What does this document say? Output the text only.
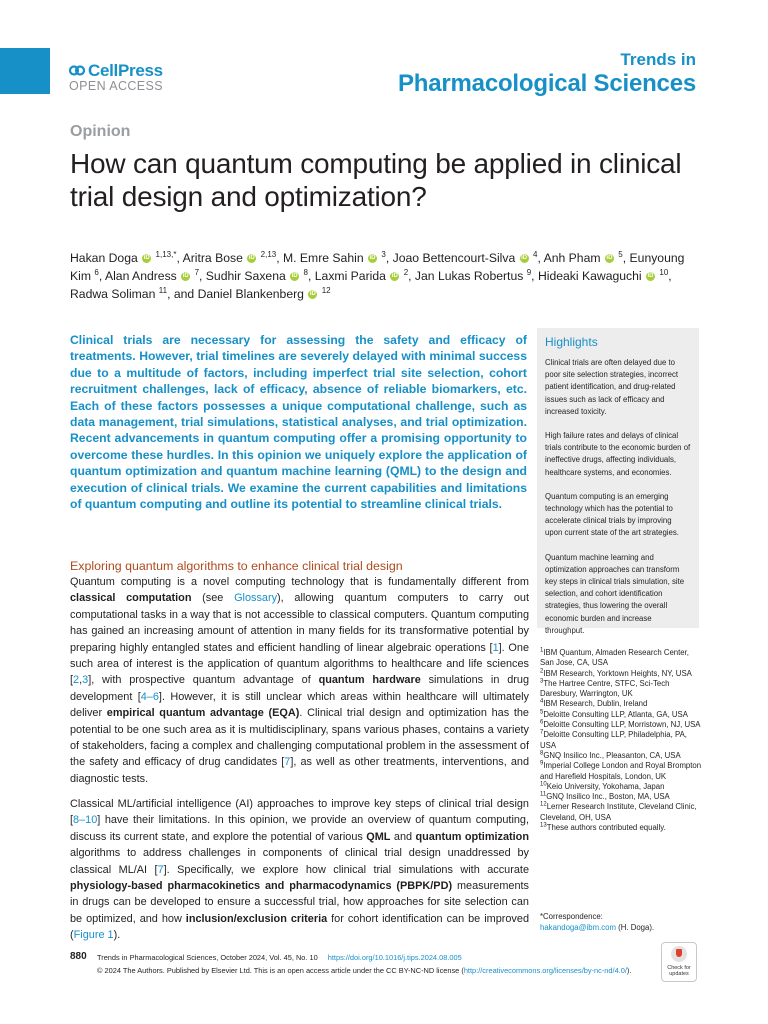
CellPress
OPEN ACCESS
Trends in
Pharmacological Sciences
Opinion
How can quantum computing be applied in clinical trial design and optimization?
Hakan Doga iD $^{1,13,*}$, Aritra Bose iD $^{2,13}$, M. Emre Sahin iD $^3$, Joao Bettencourt-Silva iD $^4$, Anh Pham iD $^5$, Eunyoung Kim $^6$, Alan Andress iD $^7$, Sudhir Saxena iD $^8$, Laxmi Parida iD $^2$, Jan Lukas Robertus $^9$, Hideaki Kawaguchi iD $^{10}$, Radwa Soliman $^{11}$, and Daniel Blankenberg iD $^{12}$
Clinical trials are necessary for assessing the safety and efficacy of treatments. However, trial timelines are severely delayed with minimal success due to a multitude of factors, including imperfect trial site selection, cohort recruitment challenges, lack of efficacy, absence of reliable biomarkers, etc. Each of these factors possesses a unique computational challenge, such as data management, trial simulations, statistical analyses, and trial optimization. Recent advancements in quantum computing offer a promising opportunity to overcome these hurdles. In this opinion we uniquely explore the application of quantum optimization and quantum machine learning (QML) to the design and execution of clinical trials. We examine the current capabilities and limitations of quantum computing and outline its potential to streamline clinical trials.
Highlights

Clinical trials are often delayed due to poor site selection strategies, incorrect patient identification, and drug-related issues such as lack of efficacy and increased toxicity.

High failure rates and delays of clinical trials contribute to the economic burden of ineffective drugs, affecting individuals, healthcare systems, and economies.

Quantum computing is an emerging technology which has the potential to accelerate clinical trials by improving upon current state of the art strategies.

Quantum machine learning and optimization approaches can transform key steps in clinical trials simulation, site selection, and cohort identification strategies, thus lowering the overall economic burden and increase throughput.

$^1$IBM Quantum, Almaden Research Center, San Jose, CA, USA
$^2$IBM Research, Yorktown Heights, NY, USA
$^3$The Hartree Centre, STFC, Sci-Tech Daresbury, Warrington, UK
$^4$IBM Research, Dublin, Ireland
$^5$Deloitte Consulting LLP, Atlanta, GA, USA
$^6$Deloitte Consulting LLP, Morristown, NJ, USA
$^7$Deloitte Consulting LLP, Philadelphia, PA, USA
$^8$GNQ Insilico Inc., Pleasanton, CA, USA
$^9$Imperial College London and Royal Brompton and Harefield Hospitals, London, UK
$^{10}$Keio University, Yokohama, Japan
$^{11}$GNQ Insilico Inc., Boston, MA, USA
$^{12}$Lerner Research Institute, Cleveland Clinic, Cleveland, OH, USA
$^{13}$These authors contributed equally.
*Correspondence:
hakandoga@ibm.com (H. Doga).
Exploring quantum algorithms to enhance clinical trial design
Quantum computing is a novel computing technology that is fundamentally different from classical computation (see Glossary), allowing quantum computers to carry out computational tasks in a way that is not accessible to classical computers. Quantum computing has gained an increasing amount of attention in many fields for its transformative potential by preparing highly entangled states and efficient handling of linear algebraic operations [1]. One such area of interest is the application of quantum algorithms to healthcare and life sciences [2,3], with prospective quantum advantage of quantum hardware simulations in drug development [4–6]. However, it is still unclear which areas within healthcare will ultimately deliver empirical quantum advantage (EQA). Clinical trial design and optimization has the potential to be one such area as it is multidisciplinary, spans various phases, contains a variety of stakeholders, facing a complex and challenging computational problem in the assessment of the safety and efficacy of drug candidates [7], as well as other treatments, interventions, and diagnostic tests.
Classical ML/artificial intelligence (AI) approaches to improve key steps of clinical trial design [8–10] have their limitations. In this opinion, we provide an overview of quantum computing, discuss its current state, and explore the potential of various QML and quantum optimization algorithms to address challenges in components of clinical trial design unaddressed by classical ML/AI [7]. Specifically, we explore how clinical trial simulations with accurate physiology-based pharmacokinetics and pharmacodynamics (PBPK/PD) measurements in drugs can be developed to ensure a successful trial, how approaches for site selection can be optimized, and how inclusion/exclusion criteria for cohort identification can be improved (Figure 1).
880 Trends in Pharmacological Sciences, October 2024, Vol. 45, No. 10 https://doi.org/10.1016/j.tips.2024.08.005
© 2024 The Authors. Published by Elsevier Ltd. This is an open access article under the CC BY-NC-ND license (http://creativecommons.org/licenses/by-nc-nd/4.0/).	Check for updates
